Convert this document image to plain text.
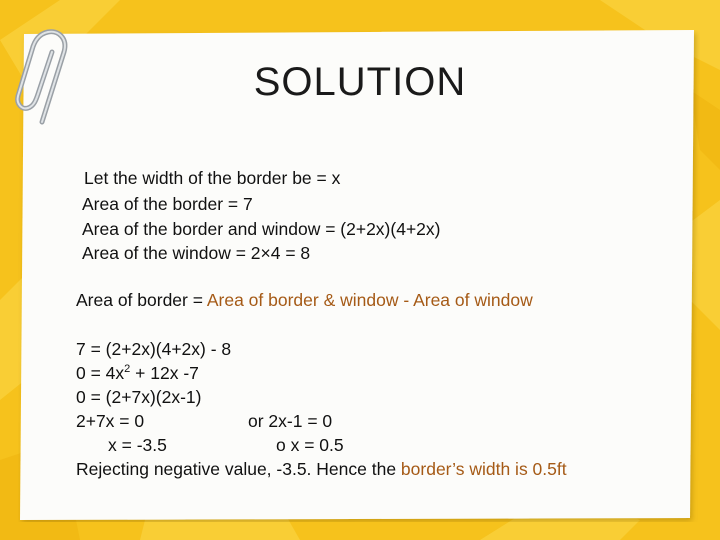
SOLUTION
Let the width of the border be = x
Area of the border = 7
Area of the border and window = (2+2x)(4+2x)
Area of the window = 2×4 = 8
Area of border = Area of border & window - Area of window
7 = (2+2x)(4+2x) - 8
$0 = 4x^2 + 12x$ -7
0 = (2+7x)(2x-1)
2+7x = 0	or 2x-1 = 0
x = -3.5	o x = 0.5
Rejecting negative value, -3.5. Hence the border’s width is 0.5ft
